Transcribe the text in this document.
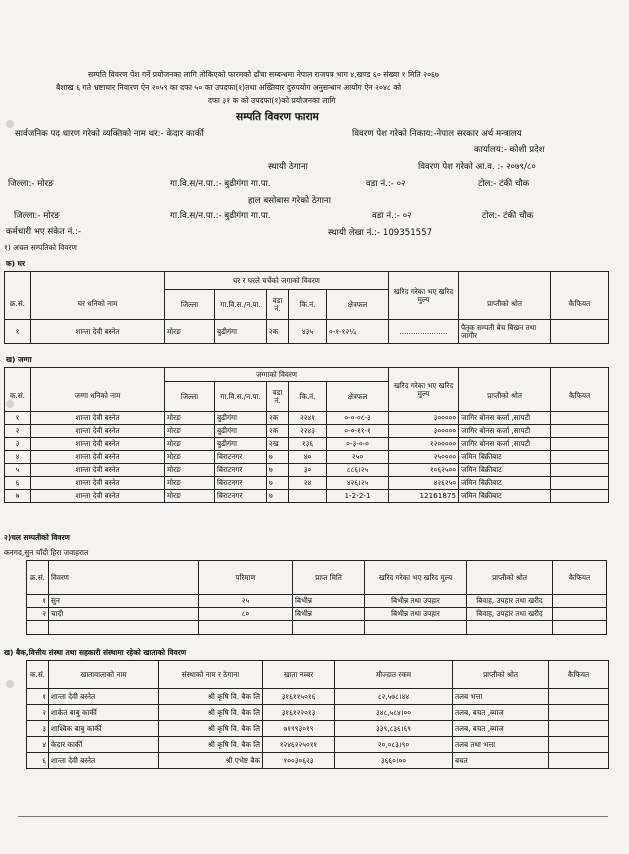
सम्पति विवरण पेश गर्ने प्रयोजनका लागि तोकिएको फारमको ढाँचा सम्बन्धमा नेपाल राजपत्र भाग ४,खण्ड ६० संख्या १ मिति २०६७
बैशाख ६ गते भ्रष्टाचार निवारण ऐन २०५९ का दफा ५० का उपदफा(१)तथा अख्तियार दुरुपयोग अनुसन्धान आयोग ऐन २०४८ को
दफा ३१ क को उपदफा(१)को प्रयोजनका लागि
सम्पति विवरण फाराम
सार्वजनिक पद धारण गरेको व्यक्तिको नाम थर:- केदार कार्की	विवरण पेश गरेको निकाय:-नेपाल सरकार अर्थ मन्त्रालय
कार्यालय:- कोशी प्रदेश
स्थायी ठेगाना	विवरण पेश गरेको आ.व. :- २०७९/८०
जिल्ला:- मोरङ	गा.वि.स/न.पा.:- बुढीगंगा गा.पा.	वडा नं.:- ०२	टोल:- टंकी चौक
हाल बसोबास गरेको ठेगाना
जिल्ला:- मोरङ	गा.वि.स/न.पा.:- बुढीगंगा गा.पा.	वडा नं.:- ०२	टोल:- टंकी चौक
कर्मचारी भए संकेत नं.:-	स्थायी लेखा नं.:- 109351557
१) अचल सम्पतिको विवरण
क) घर
		घर र घरले चर्चेको जगाको विवरण					खरिद गरेका भए खरिद मुल्य		
क्र.सं.	घर धनिको नाम	जिल्ला	गा.वि.स./न.पा.	वडा नं.	कि.नं.	क्षेत्रफल		प्राप्तीको श्रोत	कैफियत
१	शान्ता देवी बस्नेत	मोरङ	बुढीगंगा	२क	४३५	०-१-१२¼	.....................	पैतृक सम्पती बेच बिखन तथा जागीर	
ख) जग्गा
		जग्गाको विवरण					खरिद गरेका भए खरिद मुल्य		
क.सं.	जग्गा धनिको नाम	जिल्ला	गा.वि.स./न.पा.	वडा नं.	कि.नं.	क्षेत्रफल		प्राप्तीको श्रोत	कैफियत
१	शान्ता देवी बस्नेत	मोरङ	बुढीगंगा	२क	२२४१	०-०-०८-३	३०००००	जागिर बोनस कर्जा ,सापटी	
२	शान्ता देवी बस्नेत	मोरङ	बुढीगंगा	२क	२२४३	०-०-११-१	३०००००	जागिर बोनस कर्जा ,सापटी	
३	शान्ता देवी बस्नेत	मोरङ	बुढीगंगा	२ख	१३६	०-३-०-०	१२०००००	जागिर बोनस कर्जा ,सापटी	
४	शान्ता देवी बस्नेत	मोरङ	बिराटनगर	७	४०	२५०	२५००००	जमिन बिक्रीबाट	
५	शान्ता देवी बस्नेत	मोरङ	बिराटनगर	७	३०	८८६।२५	१०६२५००	जमिन बिक्रीबाट	
६	शान्ता देवी बस्नेत	मोरङ	बिराटनगर	७	२४	४२६।२५	४२६२५०	जमिन बिक्रीबाट	
७	शान्ता देवी बस्नेत	मोरङ	बिराटनगर	७		1-2-2-1	12161875	जमिन बिक्रीबाट	
२)चल सम्पतीको विवरण
कनगद,सुन चाँदी हिरा जवाहरात
क्र.सं.	विवरण	परिमाण	प्राप्त मिति	खरिद गरेका भए खरिद मुल्य	प्राप्तीको श्रोत	कैफियत
१	सुन	२५	बिभीन्न	बिभीन्न तथा उपहार	बिवाह, उपहार तथा खरीद	
२	चादी	८०	बिभीन्न	बिभीन्न तथा उपहार	बिवाह, उपहार तथा खरीद	

ख) बैक,वित्तीय संस्था तथा सहकारी संस्थामा रहेको खाताको विवरण
क.सं.	खातावालाको नाम	संस्थाको नाम र ठेगाना	खाता नम्बर	मौज्दात रकम	प्राप्तीको श्रोत	कैफियत
१	शान्ता देवी बस्नेत	श्री कृषि वि. बैक लि	३१६११५०१६	८२,५७८।४४	तलब भत्ता	
२	शाकेत बाबु कार्की	श्री कृषि वि. बैक लि	३१६१२२०१३	३४८,५८४।००	तलब, बचत ,ब्याज	
३	शाश्विक बाबु कार्की	श्री कृषि वि. बैक लि	७१९९३०१९	३३९,८३६।६९	तलब, बचत ,ब्याज	
४	केदार कार्की	श्री कृषि वि. बैक लि	१२४६२२५०११	२०,०८३।९०	तलब तथा भत्ता	
६	शान्ता देवी बस्नेत	श्री एभेष्ट बैक	१००३०६२३	३६६०।००	बचत	
